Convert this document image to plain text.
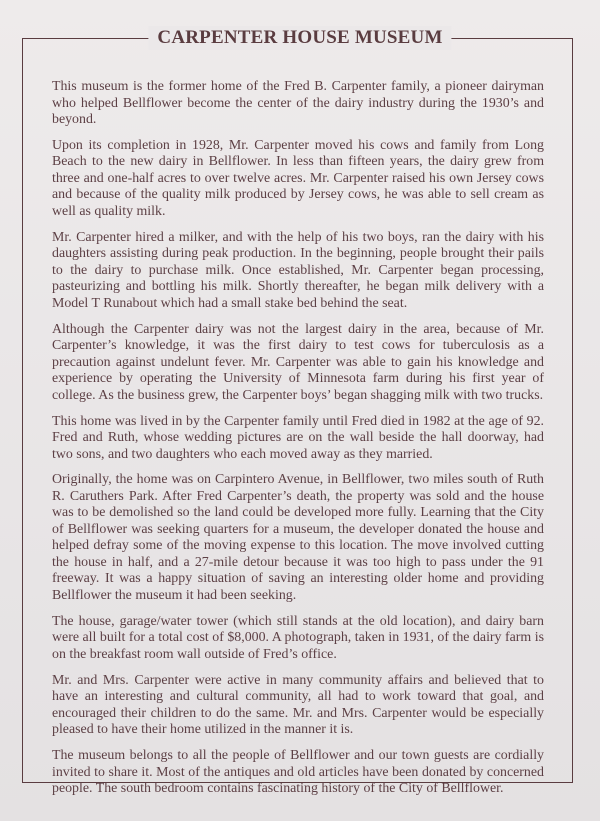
CARPENTER HOUSE MUSEUM

This museum is the former home of the Fred B. Carpenter family, a pioneer dairyman who helped Bellflower become the center of the dairy industry during the 1930’s and beyond.

Upon its completion in 1928, Mr. Carpenter moved his cows and family from Long Beach to the new dairy in Bellflower. In less than fifteen years, the dairy grew from three and one-half acres to over twelve acres. Mr. Carpenter raised his own Jersey cows and because of the quality milk produced by Jersey cows, he was able to sell cream as well as quality milk.

Mr. Carpenter hired a milker, and with the help of his two boys, ran the dairy with his daughters assisting during peak production. In the beginning, people brought their pails to the dairy to purchase milk. Once established, Mr. Carpenter began processing, pasteurizing and bottling his milk. Shortly thereafter, he began milk delivery with a Model T Runabout which had a small stake bed behind the seat.

Although the Carpenter dairy was not the largest dairy in the area, because of Mr. Carpenter’s knowledge, it was the first dairy to test cows for tuberculosis as a precaution against undelunt fever. Mr. Carpenter was able to gain his knowledge and experience by operating the University of Minnesota farm during his first year of college. As the business grew, the Carpenter boys’ began shagging milk with two trucks.

This home was lived in by the Carpenter family until Fred died in 1982 at the age of 92. Fred and Ruth, whose wedding pictures are on the wall beside the hall doorway, had two sons, and two daughters who each moved away as they married.

Originally, the home was on Carpintero Avenue, in Bellflower, two miles south of Ruth R. Caruthers Park. After Fred Carpenter’s death, the property was sold and the house was to be demolished so the land could be developed more fully. Learning that the City of Bellflower was seeking quarters for a museum, the developer donated the house and helped defray some of the moving expense to this location. The move involved cutting the house in half, and a 27-mile detour because it was too high to pass under the 91 freeway. It was a happy situation of saving an interesting older home and providing Bellflower the museum it had been seeking.

The house, garage/water tower (which still stands at the old location), and dairy barn were all built for a total cost of $8,000. A photograph, taken in 1931, of the dairy farm is on the breakfast room wall outside of Fred’s office.

Mr. and Mrs. Carpenter were active in many community affairs and believed that to have an interesting and cultural community, all had to work toward that goal, and encouraged their children to do the same. Mr. and Mrs. Carpenter would be especially pleased to have their home utilized in the manner it is.

The museum belongs to all the people of Bellflower and our town guests are cordially invited to share it. Most of the antiques and old articles have been donated by concerned people. The south bedroom contains fascinating history of the City of Bellflower.
